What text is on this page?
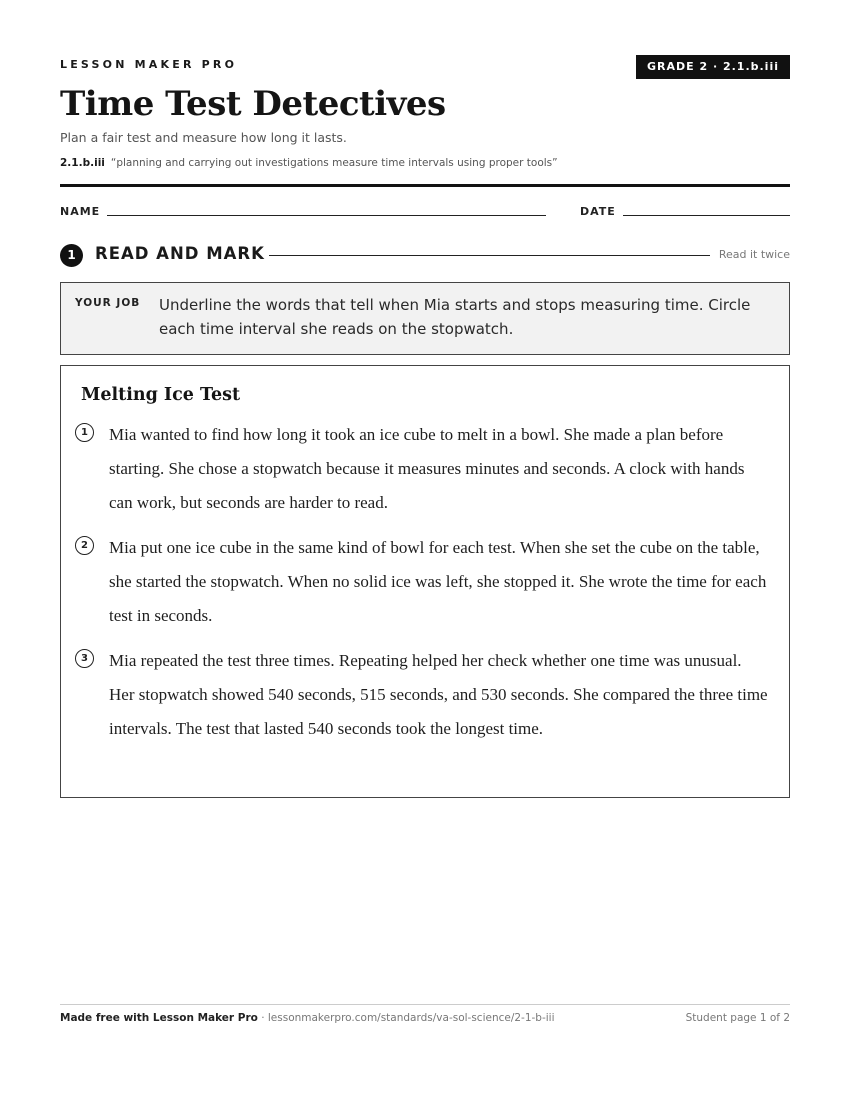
LESSON MAKER PRO	GRADE 2 · 2.1.b.iii
Time Test Detectives
Plan a fair test and measure how long it lasts.
2.1.b.iii “planning and carrying out investigations measure time intervals using proper tools”
NAME	DATE
1	READ AND MARK	Read it twice
YOUR JOB Underline the words that tell when Mia starts and stops measuring time. Circle each time interval she reads on the stopwatch.
Melting Ice Test
1	Mia wanted to find how long it took an ice cube to melt in a bowl. She made a plan before starting. She chose a stopwatch because it measures minutes and seconds. A clock with hands can work, but seconds are harder to read.
2	Mia put one ice cube in the same kind of bowl for each test. When she set the cube on the table, she started the stopwatch. When no solid ice was left, she stopped it. She wrote the time for each test in seconds.
3	Mia repeated the test three times. Repeating helped her check whether one time was unusual. Her stopwatch showed 540 seconds, 515 seconds, and 530 seconds. She compared the three time intervals. The test that lasted 540 seconds took the longest time.
Made free with Lesson Maker Pro · lessonmakerpro.com/standards/va-sol-science/2-1-b-iii	Student page 1 of 2
